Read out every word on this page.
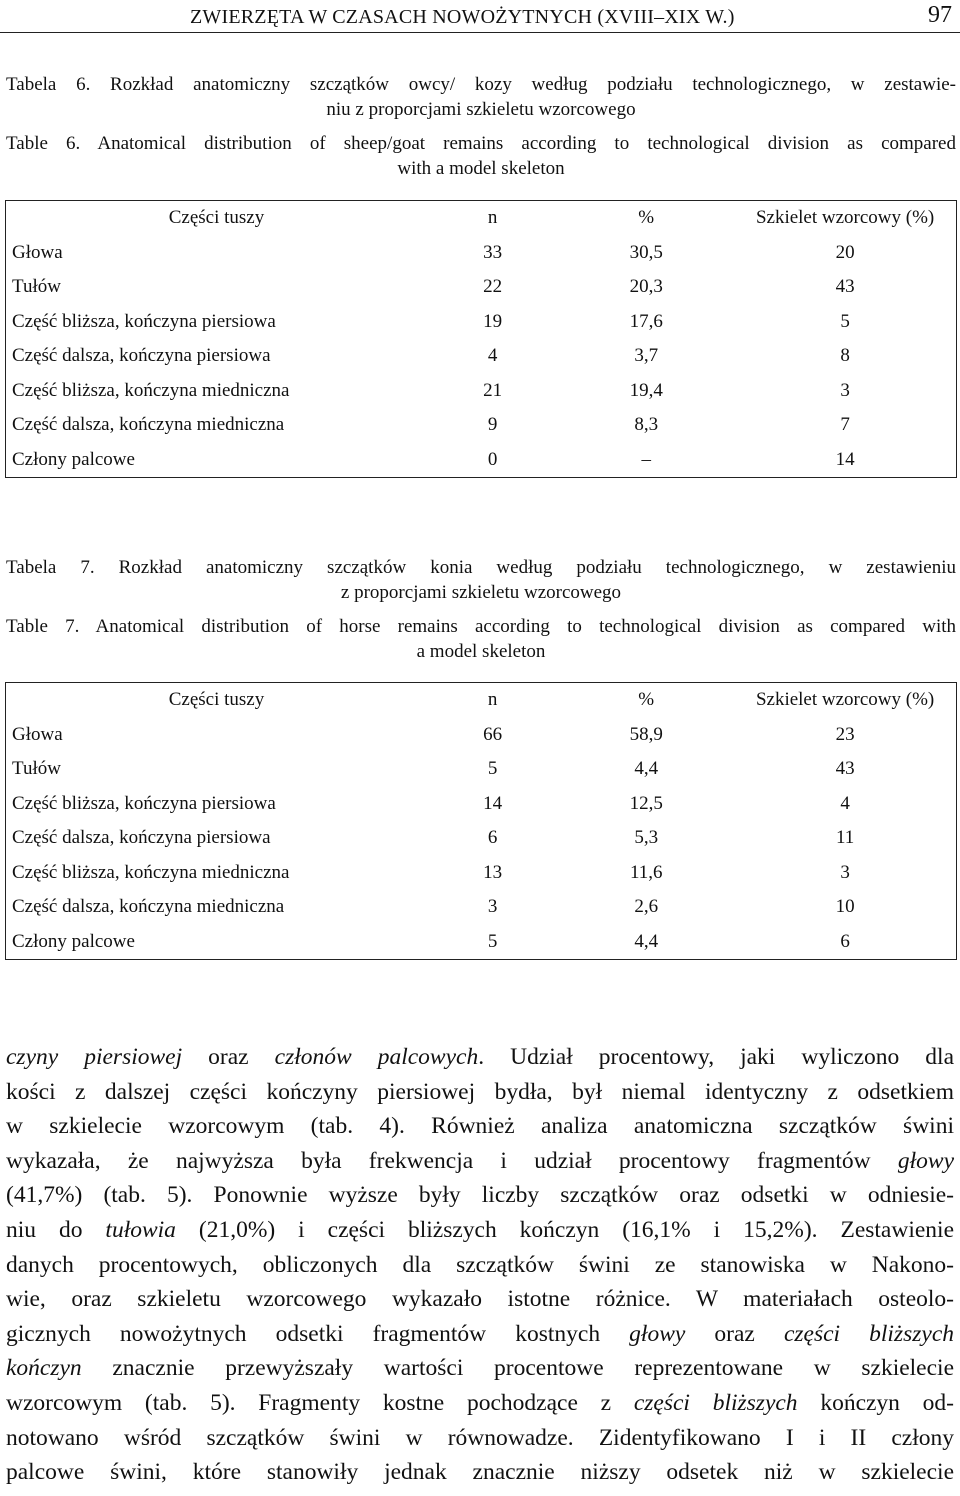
ZWIERZĘTA W CZASACH NOWOŻYTNYCH (XVIII–XIX W.)	97
Tabela 6. Rozkład anatomiczny szczątków owcy/ kozy według podziału technologicznego, w zestawie-
niu z proporcjami szkieletu wzorcowego
Table 6. Anatomical distribution of sheep/goat remains according to technological division as compared
with a model skeleton
Części tuszy	n	%	Szkielet wzorcowy (%)
Głowa	33	30,5	20
Tułów	22	20,3	43
Część bliższa, kończyna piersiowa	19	17,6	5
Część dalsza, kończyna piersiowa	4	3,7	8
Część bliższa, kończyna miedniczna	21	19,4	3
Część dalsza, kończyna miedniczna	9	8,3	7
Człony palcowe	0	–	14
Tabela 7. Rozkład anatomiczny szczątków konia według podziału technologicznego, w zestawieniu
z proporcjami szkieletu wzorcowego
Table 7. Anatomical distribution of horse remains according to technological division as compared with
a model skeleton
Części tuszy	n	%	Szkielet wzorcowy (%)
Głowa	66	58,9	23
Tułów	5	4,4	43
Część bliższa, kończyna piersiowa	14	12,5	4
Część dalsza, kończyna piersiowa	6	5,3	11
Część bliższa, kończyna miedniczna	13	11,6	3
Część dalsza, kończyna miedniczna	3	2,6	10
Człony palcowe	5	4,4	6
czyny piersiowej oraz członów palcowych. Udział procentowy, jaki wyliczono dla
kości z dalszej części kończyny piersiowej bydła, był niemal identyczny z odsetkiem
w szkielecie wzorcowym (tab. 4). Również analiza anatomiczna szczątków świni
wykazała, że najwyższa była frekwencja i udział procentowy fragmentów głowy
(41,7%) (tab. 5). Ponownie wyższe były liczby szczątków oraz odsetki w odniesie-
niu do tułowia (21,0%) i części bliższych kończyn (16,1% i 15,2%). Zestawienie
danych procentowych, obliczonych dla szczątków świni ze stanowiska w Nakono-
wie, oraz szkieletu wzorcowego wykazało istotne różnice. W materiałach osteolo-
gicznych nowożytnych odsetki fragmentów kostnych głowy oraz części bliższych
kończyn znacznie przewyższały wartości procentowe reprezentowane w szkielecie
wzorcowym (tab. 5). Fragmenty kostne pochodzące z części bliższych kończyn od-
notowano wśród szczątków świni w równowadze. Zidentyfikowano I i II człony
palcowe świni, które stanowiły jednak znacznie niższy odsetek niż w szkielecie
